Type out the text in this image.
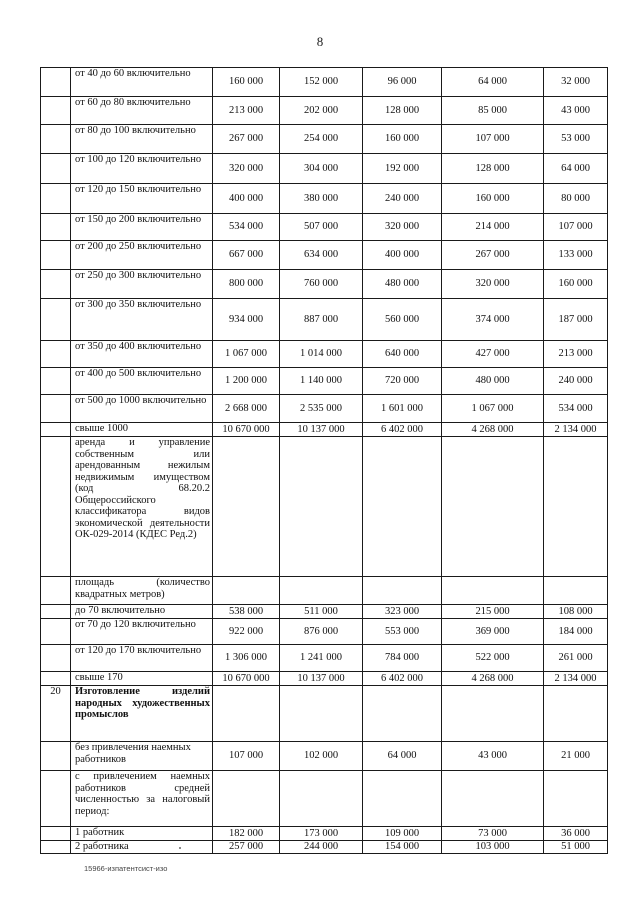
8
	от 40 до 60 включительно	160 000	152 000	96 000	64 000	32 000
	от 60 до 80 включительно	213 000	202 000	128 000	85 000	43 000
	от 80 до 100 включительно	267 000	254 000	160 000	107 000	53 000
	от 100 до 120 включительно	320 000	304 000	192 000	128 000	64 000
	от 120 до 150 включительно	400 000	380 000	240 000	160 000	80 000
	от 150 до 200 включительно	534 000	507 000	320 000	214 000	107 000
	от 200 до 250 включительно	667 000	634 000	400 000	267 000	133 000
	от 250 до 300 включительно	800 000	760 000	480 000	320 000	160 000
	от 300 до 350 включительно	934 000	887 000	560 000	374 000	187 000
	от 350 до 400 включительно	1 067 000	1 014 000	640 000	427 000	213 000
	от 400 до 500 включительно	1 200 000	1 140 000	720 000	480 000	240 000
	от 500 до 1000 включительно	2 668 000	2 535 000	1 601 000	1 067 000	534 000
	свыше 1000	10 670 000	10 137 000	6 402 000	4 268 000	2 134 000
	аренда и управление собственным или арендованным нежилым недвижимым имуществом (код 68.20.2 Общероссийского классификатора видов экономической деятельности ОК-029-2014 (КДЕС Ред.2)					
	площадь (количество квадратных метров)					
	до 70 включительно	538 000	511 000	323 000	215 000	108 000
	от 70 до 120 включительно	922 000	876 000	553 000	369 000	184 000
	от 120 до 170 включительно	1 306 000	1 241 000	784 000	522 000	261 000
	свыше 170	10 670 000	10 137 000	6 402 000	4 268 000	2 134 000
20	Изготовление изделий народных художественных промыслов					
	без привлечения наемных работников	107 000	102 000	64 000	43 000	21 000
	с привлечением наемных работников средней численностью за налоговый период:					
	1 работник	182 000	173 000	109 000	73 000	36 000
	2 работника	257 000	244 000	154 000	103 000	51 000
15966-изпатентсист-изо
